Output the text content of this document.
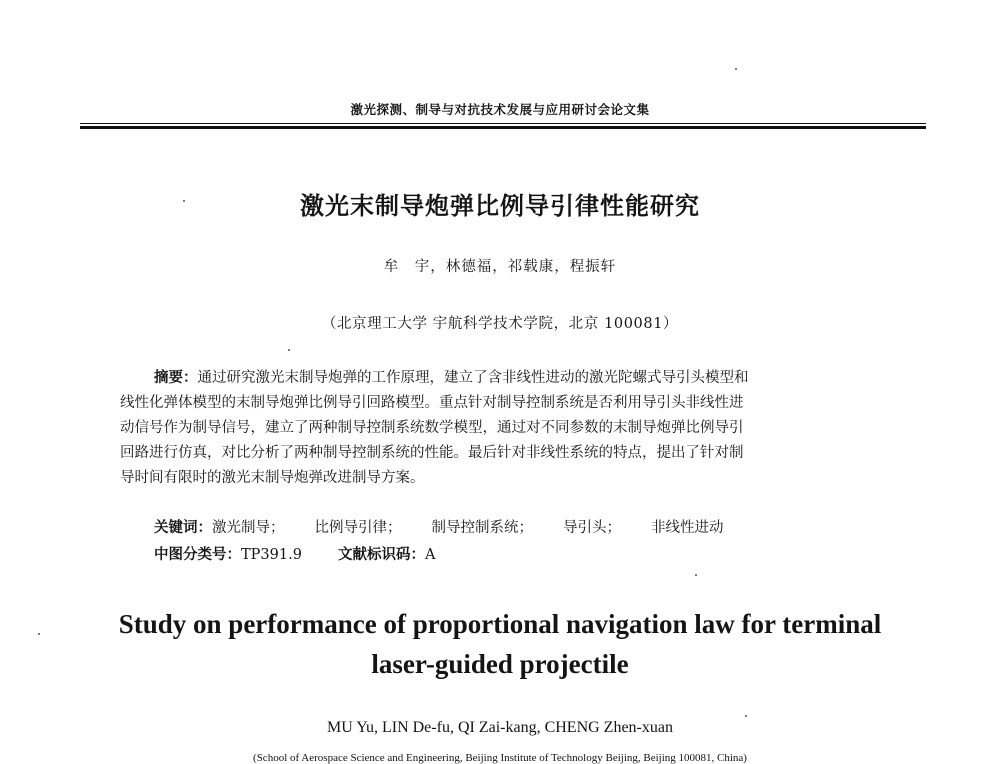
激光探测、制导与对抗技术发展与应用研讨会论文集
激光末制导炮弹比例导引律性能研究
牟　宇，林德福，祁载康，程振轩
（北京理工大学 宇航科学技术学院，北京 100081）
摘要：通过研究激光末制导炮弹的工作原理，建立了含非线性进动的激光陀螺式导引头模型和
线性化弹体模型的末制导炮弹比例导引回路模型。重点针对制导控制系统是否利用导引头非线性进
动信号作为制导信号，建立了两种制导控制系统数学模型，通过对不同参数的末制导炮弹比例导引
回路进行仿真，对比分析了两种制导控制系统的性能。最后针对非线性系统的特点，提出了针对制
导时间有限时的激光末制导炮弹改进制导方案。
关键词：激光制导； 比例导引律； 制导控制系统； 导引头； 非线性进动
中图分类号：TP391.9 文献标识码：A
Study on performance of proportional navigation law for terminal
laser-guided projectile
MU Yu, LIN De-fu, QI Zai-kang, CHENG Zhen-xuan
(School of Aerospace Science and Engineering, Beijing Institute of Technology Beijing, Beijing 100081, China)
